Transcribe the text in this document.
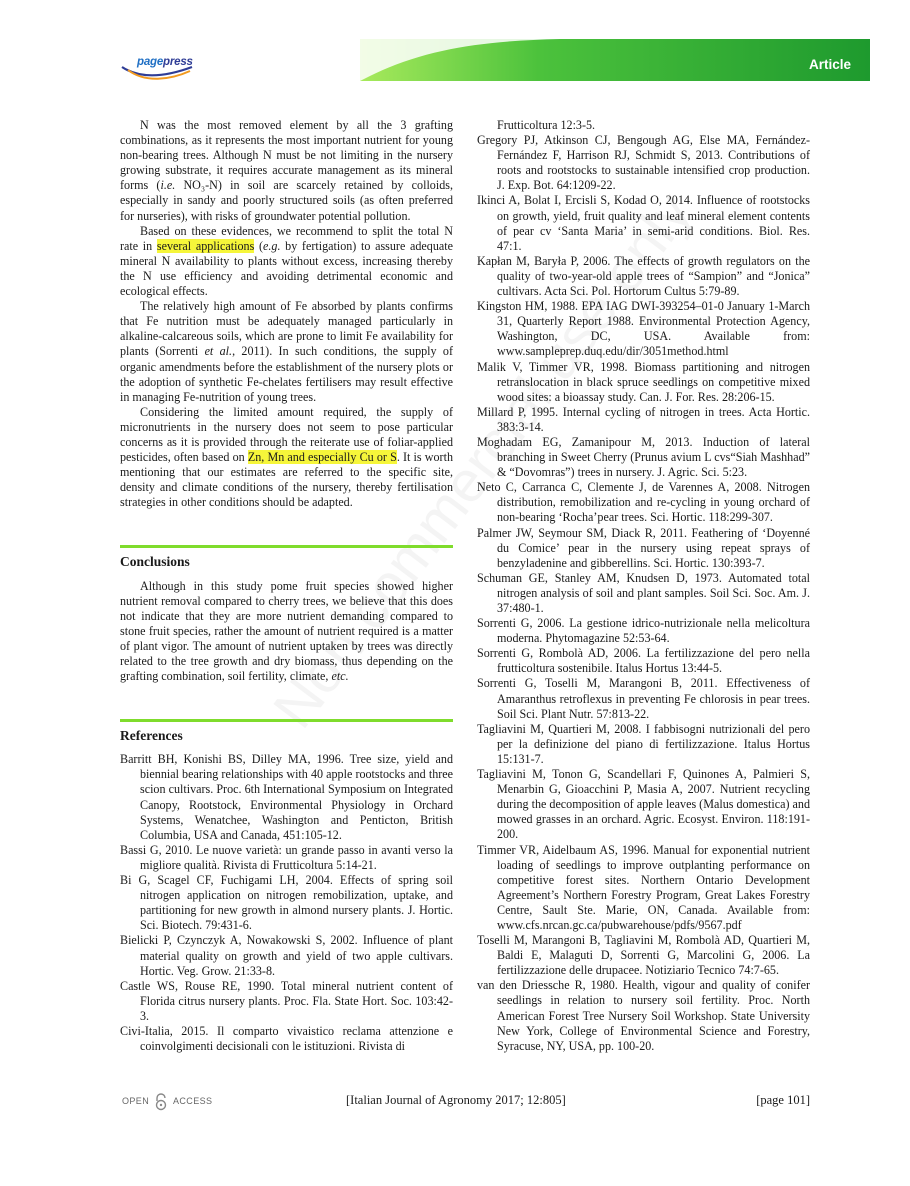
pagepress	Article

N was the most removed element by all the 3 grafting combinations, as it represents the most important nutrient for young non-bearing trees. Although N must be not limiting in the nursery growing substrate, it requires accurate management as its mineral forms (i.e. NO₃-N) in soil are scarcely retained by colloids, especially in sandy and poorly structured soils (as often preferred for nurseries), with risks of groundwater potential pollution.

Based on these evidences, we recommend to split the total N rate in several applications (e.g. by fertigation) to assure adequate mineral N availability to plants without excess, increasing thereby the N use efficiency and avoiding detrimental economic and ecological effects.

The relatively high amount of Fe absorbed by plants confirms that Fe nutrition must be adequately managed particularly in alkaline-calcareous soils, which are prone to limit Fe availability for plants (Sorrenti et al., 2011). In such conditions, the supply of organic amendments before the establishment of the nursery plots or the adoption of synthetic Fe-chelates fertilisers may result effective in managing Fe-nutrition of young trees.

Considering the limited amount required, the supply of micronutrients in the nursery does not seem to pose particular concerns as it is provided through the reiterate use of foliar-applied pesticides, often based on Zn, Mn and especially Cu or S. It is worth mentioning that our estimates are referred to the specific site, density and climate conditions of the nursery, thereby fertilisation strategies in other conditions should be adapted.

Conclusions

Although in this study pome fruit species showed higher nutrient removal compared to cherry trees, we believe that this does not indicate that they are more nutrient demanding compared to stone fruit species, rather the amount of nutrient required is a matter of plant vigor. The amount of nutrient uptaken by trees was directly related to the tree growth and dry biomass, thus depending on the grafting combination, soil fertility, climate, etc.

References

Barritt BH, Konishi BS, Dilley MA, 1996. Tree size, yield and biennial bearing relationships with 40 apple rootstocks and three scion cultivars. Proc. 6th International Symposium on Integrated Canopy, Rootstock, Environmental Physiology in Orchard Systems, Wenatchee, Washington and Penticton, British Columbia, USA and Canada, 451:105-12.

Bassi G, 2010. Le nuove varietà: un grande passo in avanti verso la migliore qualità. Rivista di Frutticoltura 5:14-21.

Bi G, Scagel CF, Fuchigami LH, 2004. Effects of spring soil nitrogen application on nitrogen remobilization, uptake, and partitioning for new growth in almond nursery plants. J. Hortic. Sci. Biotech. 79:431-6.

Bielicki P, Czynczyk A, Nowakowski S, 2002. Influence of plant material quality on growth and yield of two apple cultivars. Hortic. Veg. Grow. 21:33-8.

Castle WS, Rouse RE, 1990. Total mineral nutrient content of Florida citrus nursery plants. Proc. Fla. State Hort. Soc. 103:42-3.

Civi-Italia, 2015. Il comparto vivaistico reclama attenzione e coinvolgimenti decisionali con le istituzioni. Rivista di

Frutticoltura 12:3-5.

Gregory PJ, Atkinson CJ, Bengough AG, Else MA, Fernández-Fernández F, Harrison RJ, Schmidt S, 2013. Contributions of roots and rootstocks to sustainable intensified crop production. J. Exp. Bot. 64:1209-22.

Ikinci A, Bolat I, Ercisli S, Kodad O, 2014. Influence of rootstocks on growth, yield, fruit quality and leaf mineral element contents of pear cv ‘Santa Maria’ in semi-arid conditions. Biol. Res. 47:1.

Kapłan M, Baryła P, 2006. The effects of growth regulators on the quality of two-year-old apple trees of “Sampion” and “Jonica” cultivars. Acta Sci. Pol. Hortorum Cultus 5:79-89.

Kingston HM, 1988. EPA IAG DWI-393254–01-0 January 1-March 31, Quarterly Report 1988. Environmental Protection Agency, Washington, DC, USA. Available from: www.sampleprep.duq.edu/dir/3051method.html

Malik V, Timmer VR, 1998. Biomass partitioning and nitrogen retranslocation in black spruce seedlings on competitive mixed wood sites: a bioassay study. Can. J. For. Res. 28:206-15.

Millard P, 1995. Internal cycling of nitrogen in trees. Acta Hortic. 383:3-14.

Moghadam EG, Zamanipour M, 2013. Induction of lateral branching in Sweet Cherry (Prunus avium L cvs“Siah Mashhad” & “Dovomras”) trees in nursery. J. Agric. Sci. 5:23.

Neto C, Carranca C, Clemente J, de Varennes A, 2008. Nitrogen distribution, remobilization and re-cycling in young orchard of non-bearing ‘Rocha’pear trees. Sci. Hortic. 118:299-307.

Palmer JW, Seymour SM, Diack R, 2011. Feathering of ‘Doyenné du Comice’ pear in the nursery using repeat sprays of benzyladenine and gibberellins. Sci. Hortic. 130:393-7.

Schuman GE, Stanley AM, Knudsen D, 1973. Automated total nitrogen analysis of soil and plant samples. Soil Sci. Soc. Am. J. 37:480-1.

Sorrenti G, 2006. La gestione idrico-nutrizionale nella melicoltura moderna. Phytomagazine 52:53-64.

Sorrenti G, Rombolà AD, 2006. La fertilizzazione del pero nella frutticoltura sostenibile. Italus Hortus 13:44-5.

Sorrenti G, Toselli M, Marangoni B, 2011. Effectiveness of Amaranthus retroflexus in preventing Fe chlorosis in pear trees. Soil Sci. Plant Nutr. 57:813-22.

Tagliavini M, Quartieri M, 2008. I fabbisogni nutrizionali del pero per la definizione del piano di fertilizzazione. Italus Hortus 15:131-7.

Tagliavini M, Tonon G, Scandellari F, Quinones A, Palmieri S, Menarbin G, Gioacchini P, Masia A, 2007. Nutrient recycling during the decomposition of apple leaves (Malus domestica) and mowed grasses in an orchard. Agric. Ecosyst. Environ. 118:191-200.

Timmer VR, Aidelbaum AS, 1996. Manual for exponential nutrient loading of seedlings to improve outplanting performance on competitive forest sites. Northern Ontario Development Agreement’s Northern Forestry Program, Great Lakes Forestry Centre, Sault Ste. Marie, ON, Canada. Available from: www.cfs.nrcan.gc.ca/pubwarehouse/pdfs/9567.pdf

Toselli M, Marangoni B, Tagliavini M, Rombolà AD, Quartieri M, Baldi E, Malaguti D, Sorrenti G, Marcolini G, 2006. La fertilizzazione delle drupacee. Notiziario Tecnico 74:7-65.

van den Driessche R, 1980. Health, vigour and quality of conifer seedlings in relation to nursery soil fertility. Proc. North American Forest Tree Nursery Soil Workshop. State University New York, College of Environmental Science and Forestry, Syracuse, NY, USA, pp. 100-20.

OPEN	ACCESS	[Italian Journal of Agronomy 2017; 12:805]	[page 101]
